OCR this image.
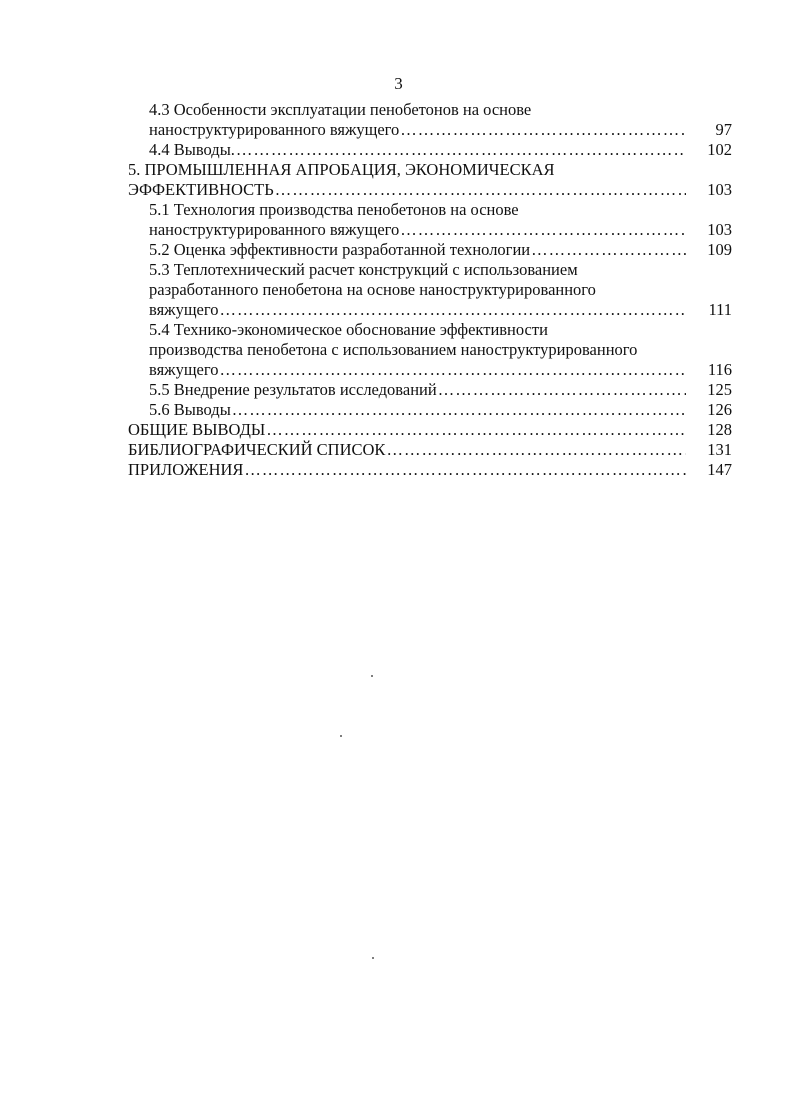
3
4.3 Особенности эксплуатации пенобетонов на основе
наноструктурированного вяжущего ……………………………………………………………………………………………………………………………………………………………………………………………	97
4.4 Выводы. ……………………………………………………………………………………………………………………………………………………………………………………………	102
5. ПРОМЫШЛЕННАЯ АПРОБАЦИЯ, ЭКОНОМИЧЕСКАЯ
ЭФФЕКТИВНОСТЬ ……………………………………………………………………………………………………………………………………………………………………………………………	103
5.1 Технология производства пенобетонов на основе
наноструктурированного вяжущего ……………………………………………………………………………………………………………………………………………………………………………………………	103
5.2 Оценка эффективности разработанной технологии ……………………………………………………………………………………………………………………………………………………………………………………………	109
5.3 Теплотехнический расчет конструкций с использованием
разработанного пенобетона на основе наноструктурированного
вяжущего ……………………………………………………………………………………………………………………………………………………………………………………………	111
5.4 Технико-экономическое обоснование эффективности
производства пенобетона с использованием наноструктурированного
вяжущего ……………………………………………………………………………………………………………………………………………………………………………………………	116
5.5 Внедрение результатов исследований ……………………………………………………………………………………………………………………………………………………………………………………………	125
5.6 Выводы ……………………………………………………………………………………………………………………………………………………………………………………………	126
ОБЩИЕ ВЫВОДЫ ……………………………………………………………………………………………………………………………………………………………………………………………	128
БИБЛИОГРАФИЧЕСКИЙ СПИСОК ……………………………………………………………………………………………………………………………………………………………………………………………	131
ПРИЛОЖЕНИЯ ……………………………………………………………………………………………………………………………………………………………………………………………	147
